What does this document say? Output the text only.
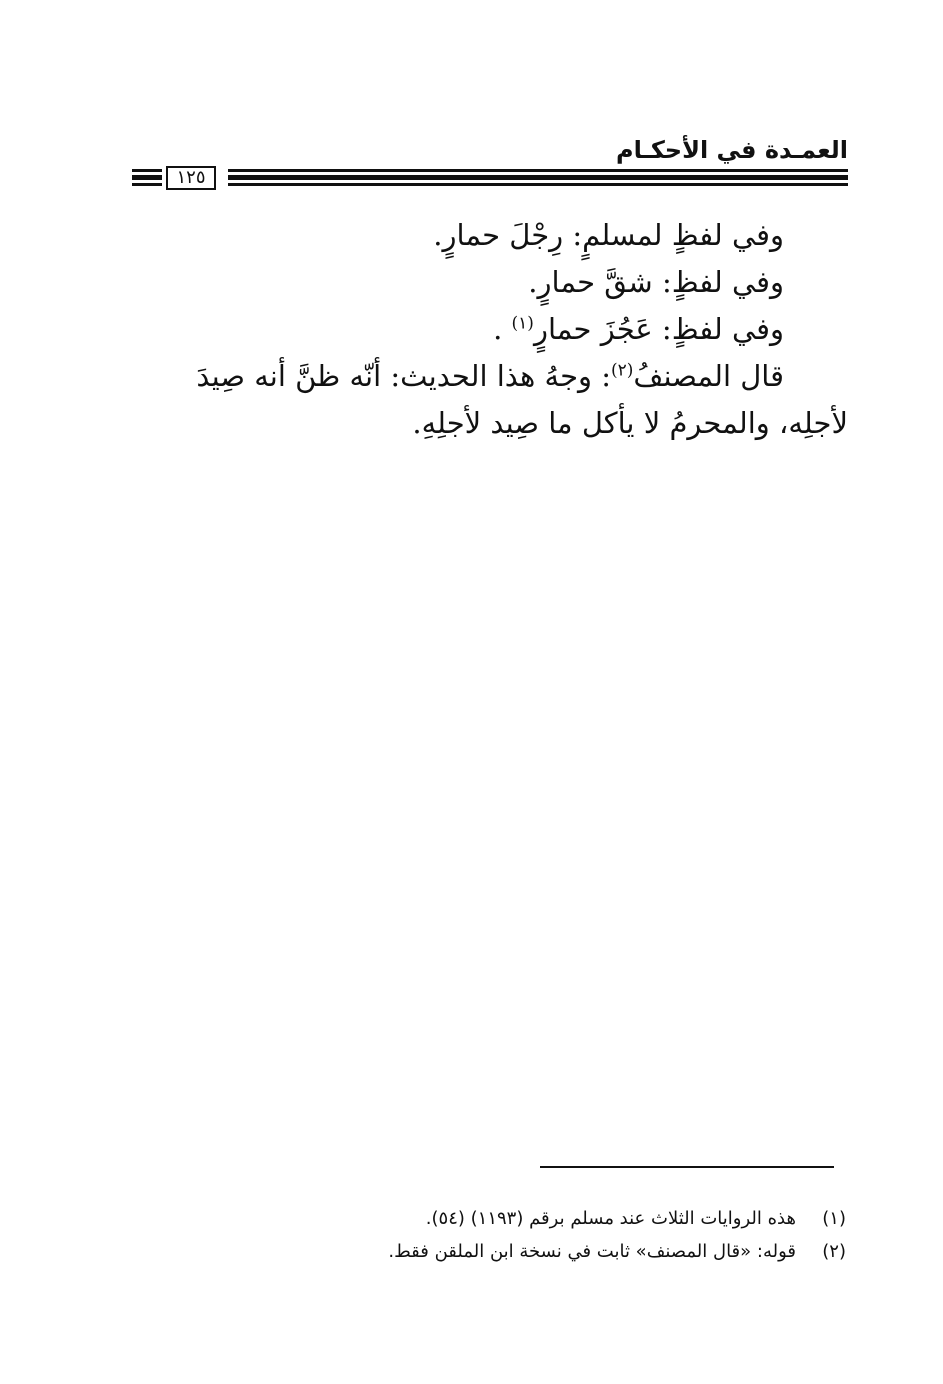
العمـدة في الأحكـام
١٢٥

وفي لفظٍ لمسلمٍ: رِجْلَ حمارٍ.

وفي لفظٍ: شقَّ حمارٍ.

وفي لفظٍ: عَجُزَ حمارٍ$^{(١)}$ .

قال المصنفُ$^{(٢)}$: وجهُ هذا الحديث: أنّه ظنَّ أنه صِيدَ

لأجلِه، والمحرمُ لا يأكل ما صِيد لأجلِهِ.

(١)هذه الروايات الثلاث عند مسلم برقم (١١٩٣) (٥٤).

(٢)قوله: «قال المصنف» ثابت في نسخة ابن الملقن فقط.
